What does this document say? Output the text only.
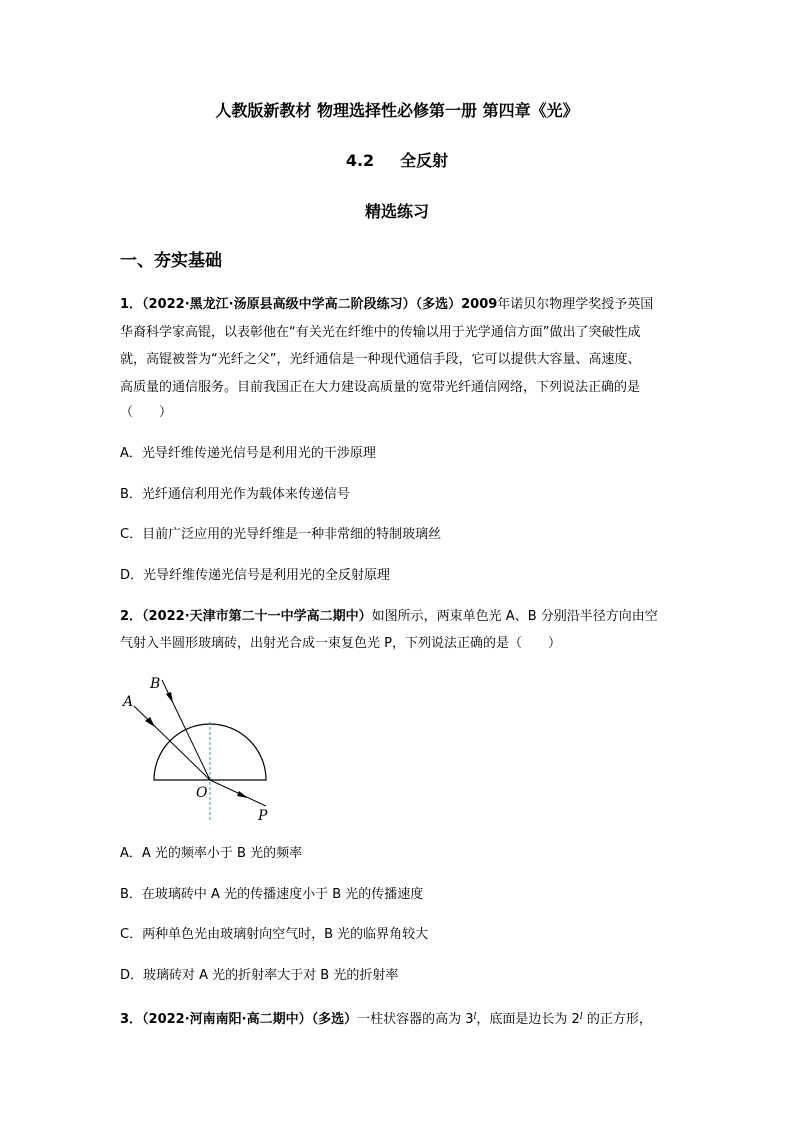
人教版新教材 物理选择性必修第一册 第四章《光》
4.2 全反射
精选练习
一、夯实基础
1．（2022·黑龙江·汤原县高级中学高二阶段练习）（多选）2009年诺贝尔物理学奖授予英国
华裔科学家高锟，以表彰他在“有关光在纤维中的传输以用于光学通信方面”做出了突破性成
就，高锟被誉为“光纤之父”，光纤通信是一种现代通信手段，它可以提供大容量、高速度、
高质量的通信服务。目前我国正在大力建设高质量的宽带光纤通信网络，下列说法正确的是
（　　）
A．光导纤维传递光信号是利用光的干涉原理
B．光纤通信利用光作为载体来传递信号
C．目前广泛应用的光导纤维是一种非常细的特制玻璃丝
D．光导纤维传递光信号是利用光的全反射原理
2．（2022·天津市第二十一中学高二期中）如图所示，两束单色光 A、B 分别沿半径方向由空
气射入半圆形玻璃砖，出射光合成一束复色光 P，下列说法正确的是（　　）
A
B
O
P
A．A 光的频率小于 B 光的频率
B．在玻璃砖中 A 光的传播速度小于 B 光的传播速度
C．两种单色光由玻璃射向空气时，B 光的临界角较大
D．玻璃砖对 A 光的折射率大于对 B 光的折射率
3．（2022·河南南阳·高二期中）（多选）一柱状容器的高为 3$^l$，底面是边长为 2$^l$ 的正方形，
